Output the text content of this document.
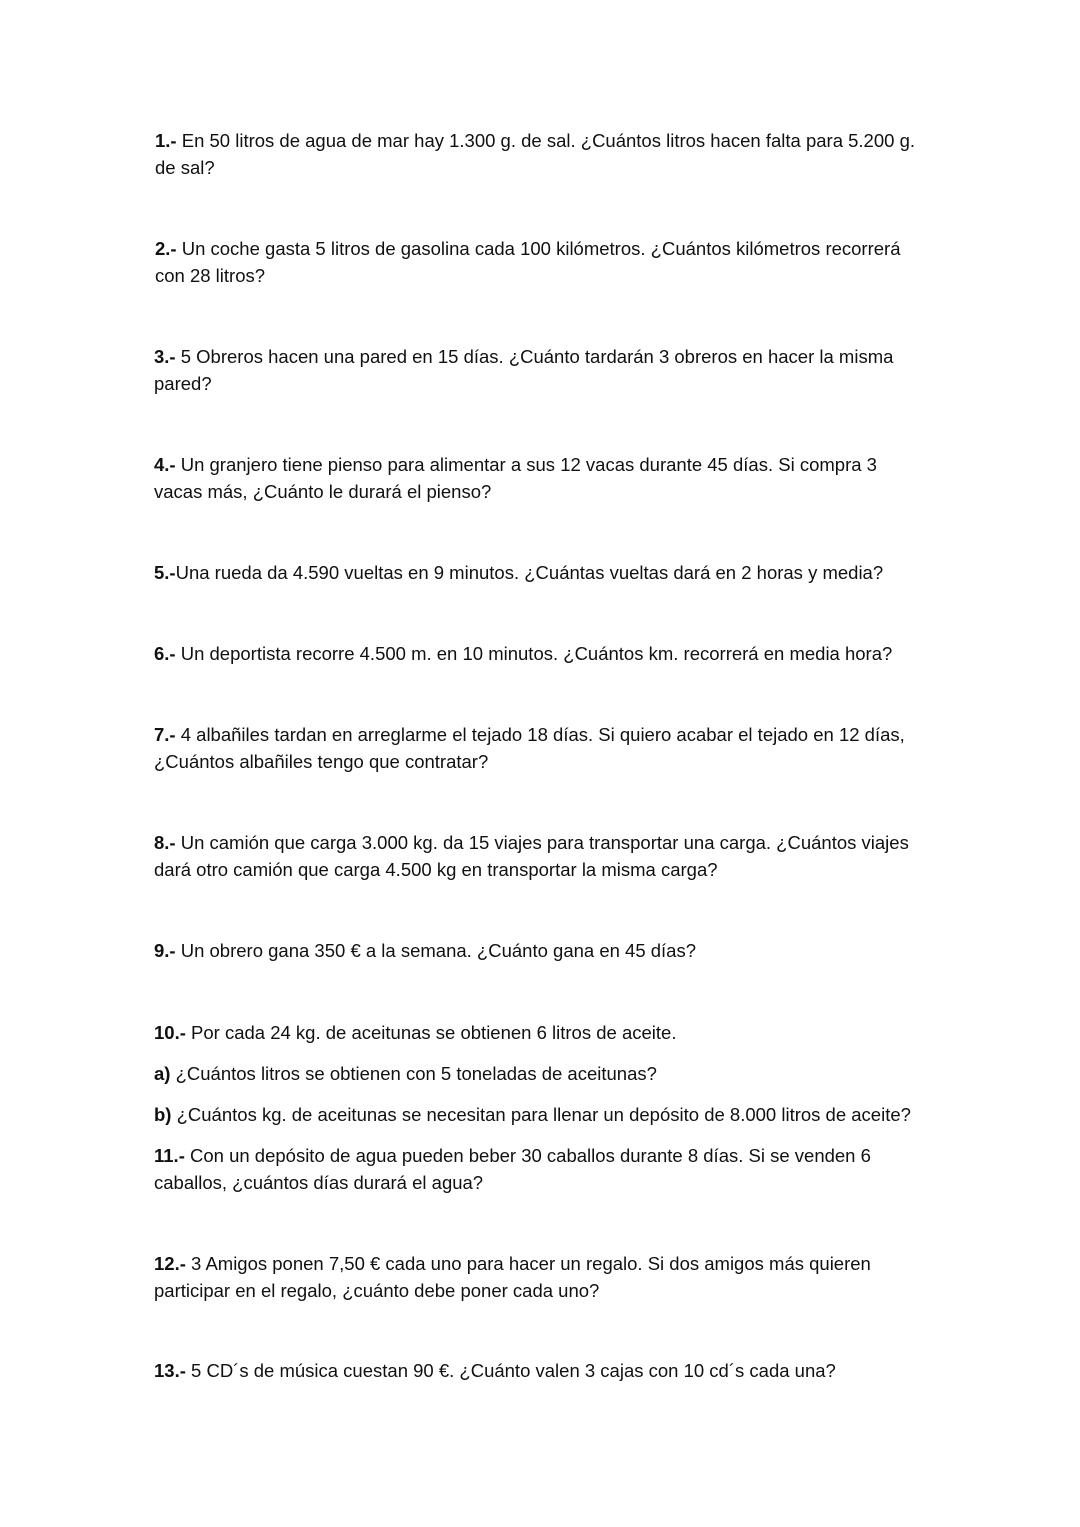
1.- En 50 litros de agua de mar hay 1.300 g. de sal. ¿Cuántos litros hacen falta para 5.200 g. de sal?

2.- Un coche gasta 5 litros de gasolina cada 100 kilómetros. ¿Cuántos kilómetros recorrerá con 28 litros?

3.- 5 Obreros hacen una pared en 15 días. ¿Cuánto tardarán 3 obreros en hacer la misma pared?

4.- Un granjero tiene pienso para alimentar a sus 12 vacas durante 45 días. Si compra 3 vacas más, ¿Cuánto le durará el pienso?

5.-Una rueda da 4.590 vueltas en 9 minutos. ¿Cuántas vueltas dará en 2 horas y media?

6.- Un deportista recorre 4.500 m. en 10 minutos. ¿Cuántos km. recorrerá en media hora?

7.- 4 albañiles tardan en arreglarme el tejado 18 días. Si quiero acabar el tejado en 12 días, ¿Cuántos albañiles tengo que contratar?

8.- Un camión que carga 3.000 kg. da 15 viajes para transportar una carga. ¿Cuántos viajes dará otro camión que carga 4.500 kg en transportar la misma carga?

9.- Un obrero gana 350 € a la semana. ¿Cuánto gana en 45 días?

10.- Por cada 24 kg. de aceitunas se obtienen 6 litros de aceite.

a) ¿Cuántos litros se obtienen con 5 toneladas de aceitunas?

b) ¿Cuántos kg. de aceitunas se necesitan para llenar un depósito de 8.000 litros de aceite?

11.- Con un depósito de agua pueden beber 30 caballos durante 8 días. Si se venden 6 caballos, ¿cuántos días durará el agua?

12.- 3 Amigos ponen 7,50 € cada uno para hacer un regalo. Si dos amigos más quieren participar en el regalo, ¿cuánto debe poner cada uno?

13.- 5 CD´s de música cuestan 90 €. ¿Cuánto valen 3 cajas con 10 cd´s cada una?
